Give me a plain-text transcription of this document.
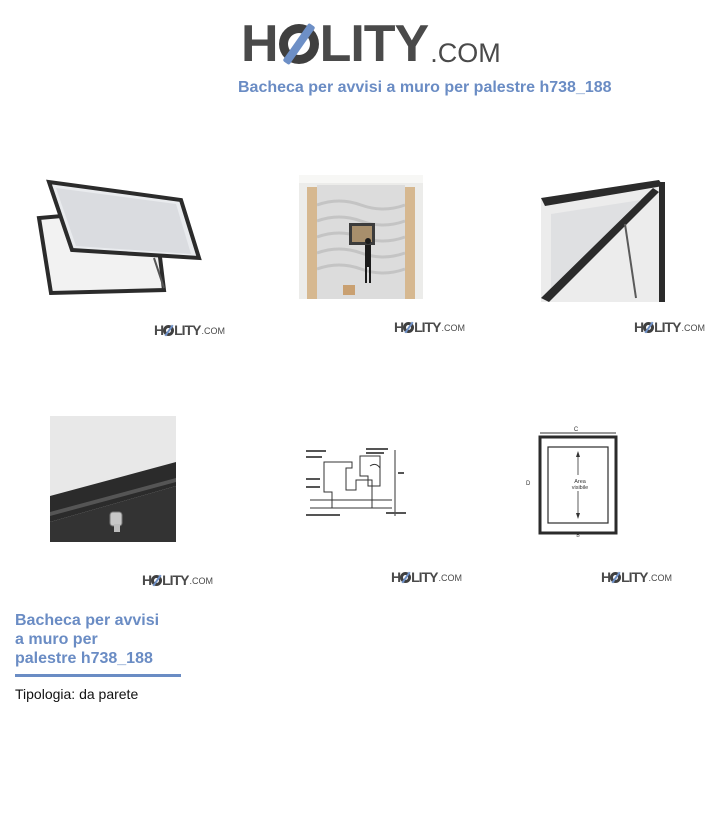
H LITY .COM
Bacheca per avvisi a muro per palestre h738_188
H LITY .COM	H LITY .COM	H LITY .COM
H LITY .COM	H LITY .COM
C
D	Area
visibile
B
H LITY .COM
Bacheca per avvisi
a muro per
palestre h738_188
Tipologia: da parete
